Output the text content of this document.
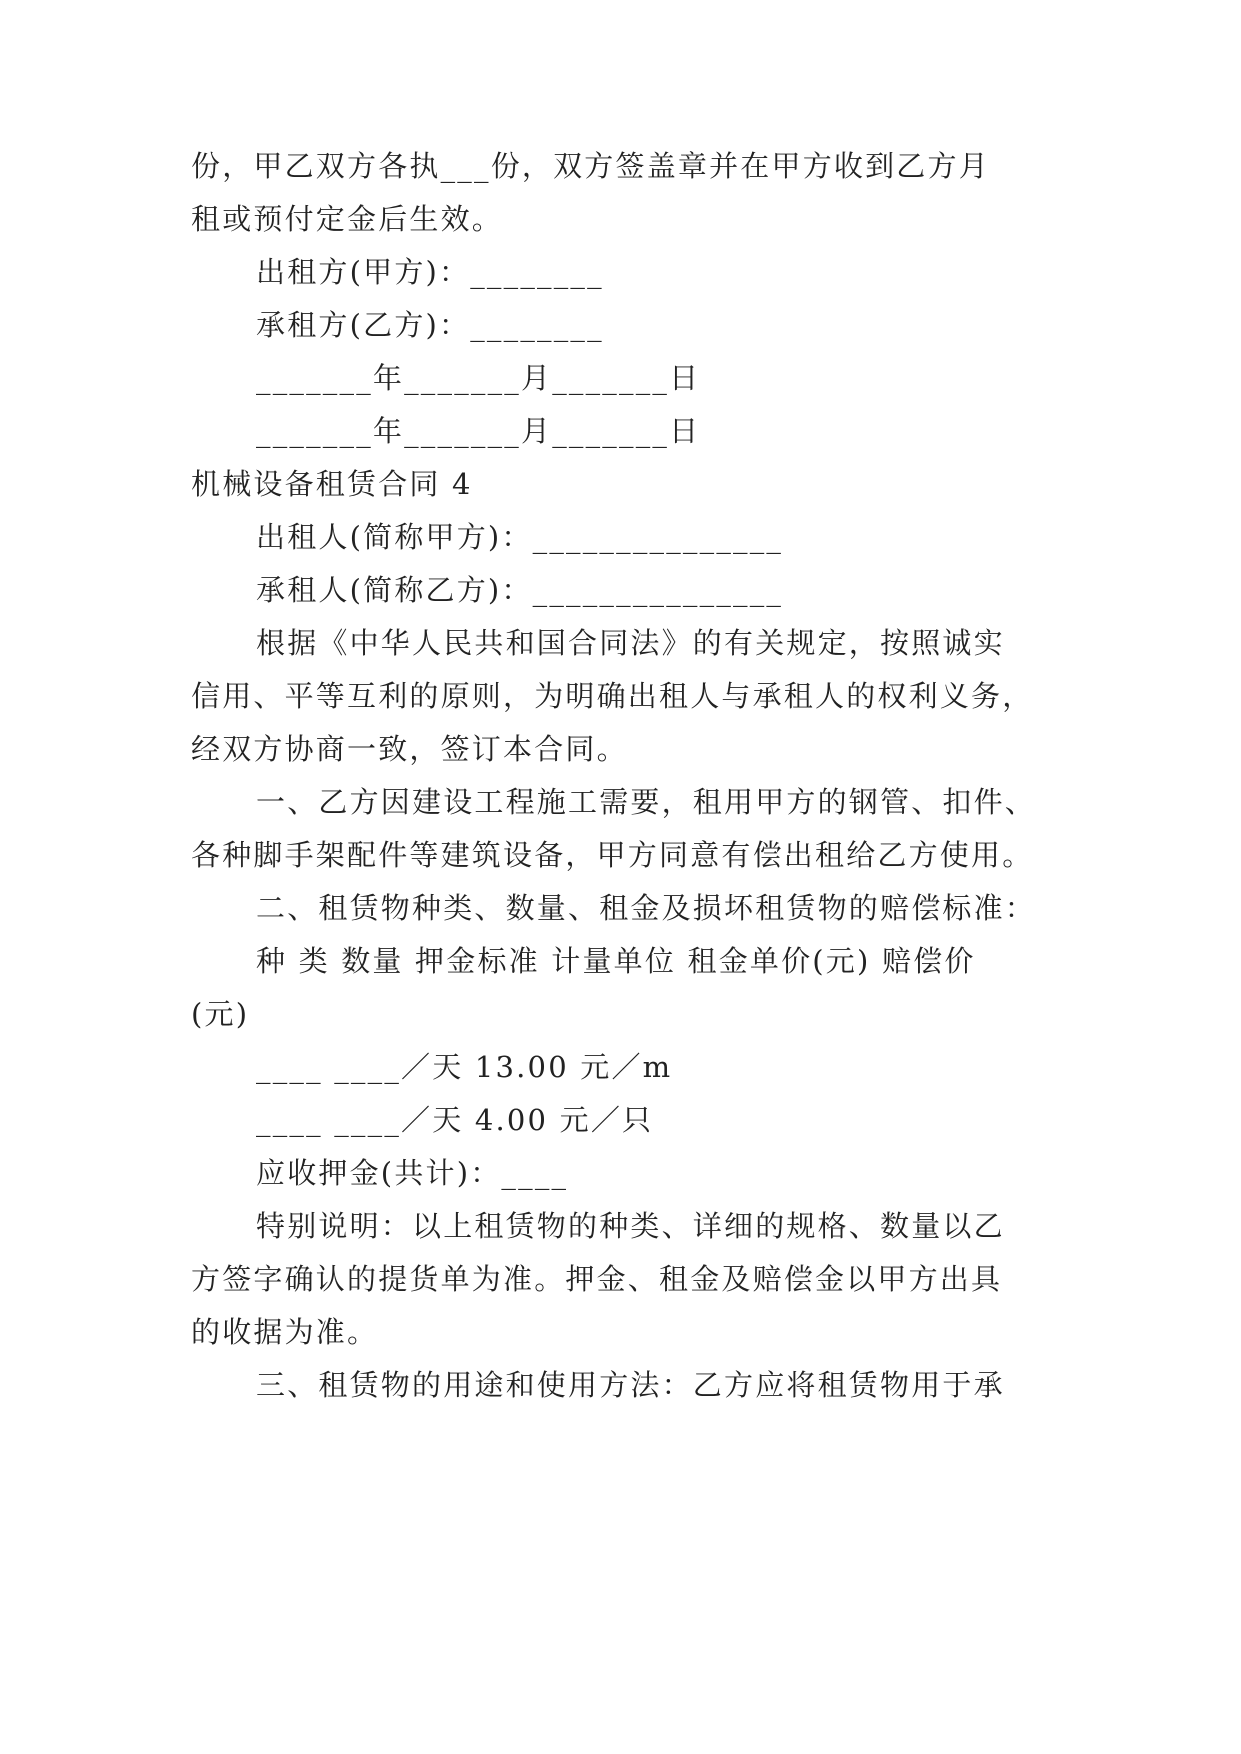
份，甲乙双方各执___份，双方签盖章并在甲方收到乙方月
租或预付定金后生效。
出租方(甲方)：________
承租方(乙方)：________
_______年_______月_______日
_______年_______月_______日
机械设备租赁合同 4
出租人(简称甲方)：_______________
承租人(简称乙方)：_______________
根据《中华人民共和国合同法》的有关规定，按照诚实
信用、平等互利的原则，为明确出租人与承租人的权利义务，
经双方协商一致，签订本合同。
一、乙方因建设工程施工需要，租用甲方的钢管、扣件、
各种脚手架配件等建筑设备，甲方同意有偿出租给乙方使用。
二、租赁物种类、数量、租金及损坏租赁物的赔偿标准：
种 类 数量 押金标准 计量单位 租金单价(元) 赔偿价
(元)
____ ____／天 13.00 元／m
____ ____／天 4.00 元／只
应收押金(共计)：____
特别说明：以上租赁物的种类、详细的规格、数量以乙
方签字确认的提货单为准。押金、租金及赔偿金以甲方出具
的收据为准。
三、租赁物的用途和使用方法：乙方应将租赁物用于承
